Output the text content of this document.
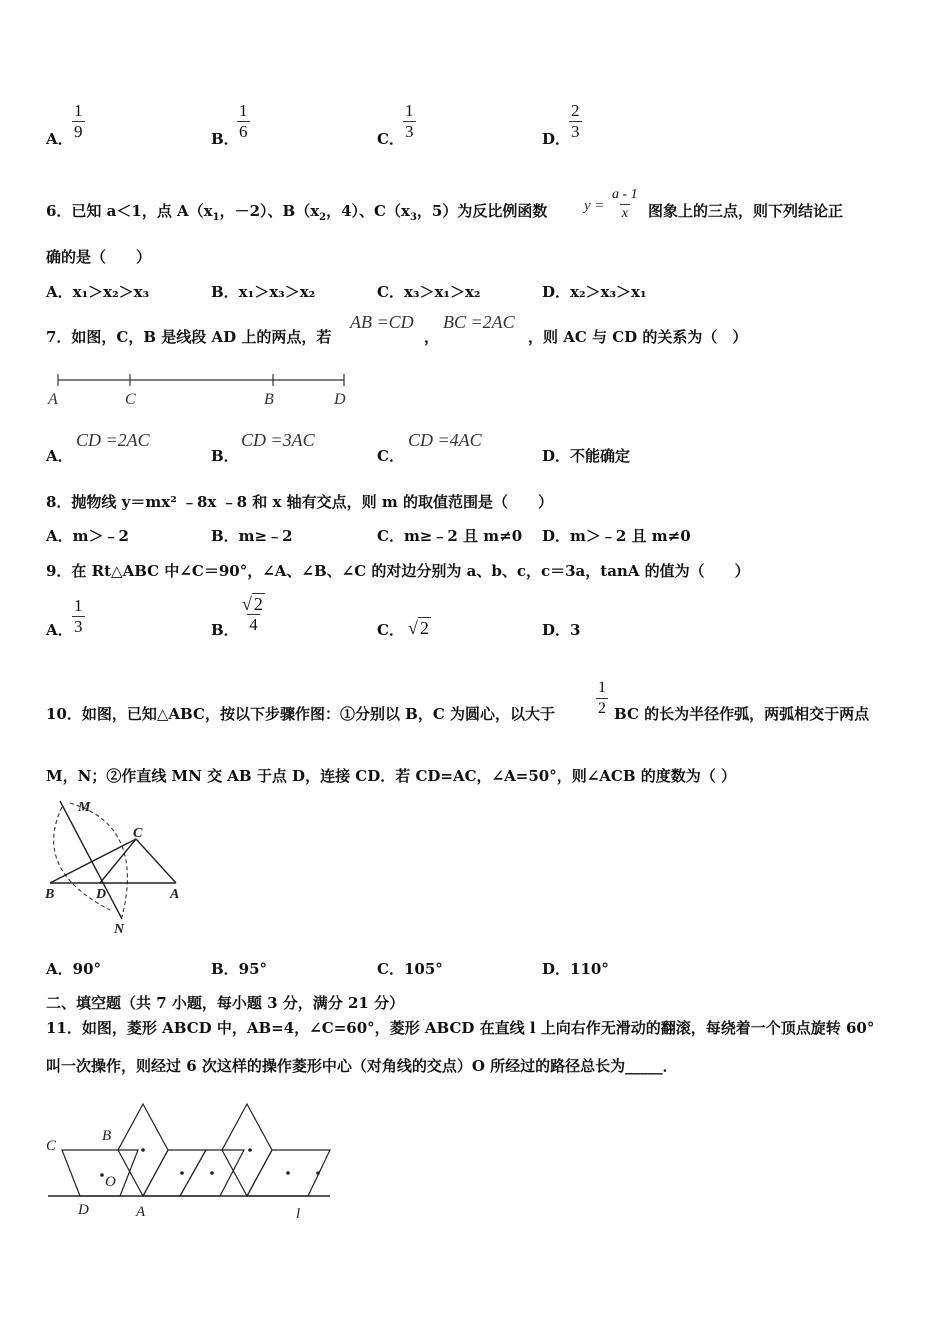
A． $\frac{1}{9}$	B．
$\frac{1}{6}$	C． $\frac{1}{3}$	D．
$\frac{2}{3}$
6．已知 a＜1，点 $A(x_1$，－2）、$B(x_2$，4）、$C(x_3$，5）为反比例函数 $y = \frac{a - 1}{x}$ 图象上的三点，则下列结论正
确的是（　　）
A．x₁＞x₂＞x₃	B．x₁＞x₃＞x₂	C．x₃＞x₁＞x₂	D．x₂＞x₃＞x₁
7．如图，C，B 是线段 AD 上的两点，若
AB =CD
，
BC =2AC
，则 AC 与 CD 的关系为（　）
A	C	B	D
A．
CD =2AC
B．
CD =3AC
C．
CD =4AC
D． 不能确定
8．抛物线 y＝mx² ﹣8x ﹣8 和 x 轴有交点，则 m 的取值范围是（　　）
A．m＞﹣2	B．m≥﹣2	C．m≥﹣2 且 m≠0 D．m＞﹣2 且 m≠0
9．在 Rt△ABC 中∠C＝90°，∠A、∠B、∠C 的对边分别为 a、b、c，c＝3a，tanA 的值为（　　）
A． $\frac{1}{3}$	B． $\frac{√ 2}{4}$	C． √ 2	D．3
10．如图，已知△ABC，按以下步骤作图：①分别以 B，C 为圆心，以大于	$\frac{1}{2}$ BC 的长为半径作弧，两弧相交于两点
M，N；②作直线 MN 交 AB 于点 D，连接 CD．若 CD=AC，∠A=50°，则∠ACB 的度数为（ ）
M
C
B	D	A
N
A．90°	B．95°	C．105°	D．110°
二、填空题（共 7 小题，每小题 3 分，满分 21 分）
11．如图，菱形 ABCD 中，AB=4，∠C=60°，菱形 ABCD 在直线 l 上向右作无滑动的翻滚，每绕着一个顶点旋转 60°
叫一次操作，则经过 6 次这样的操作菱形中心（对角线的交点）O 所经过的路径总长为_____．
C
B
O
D	A	l
